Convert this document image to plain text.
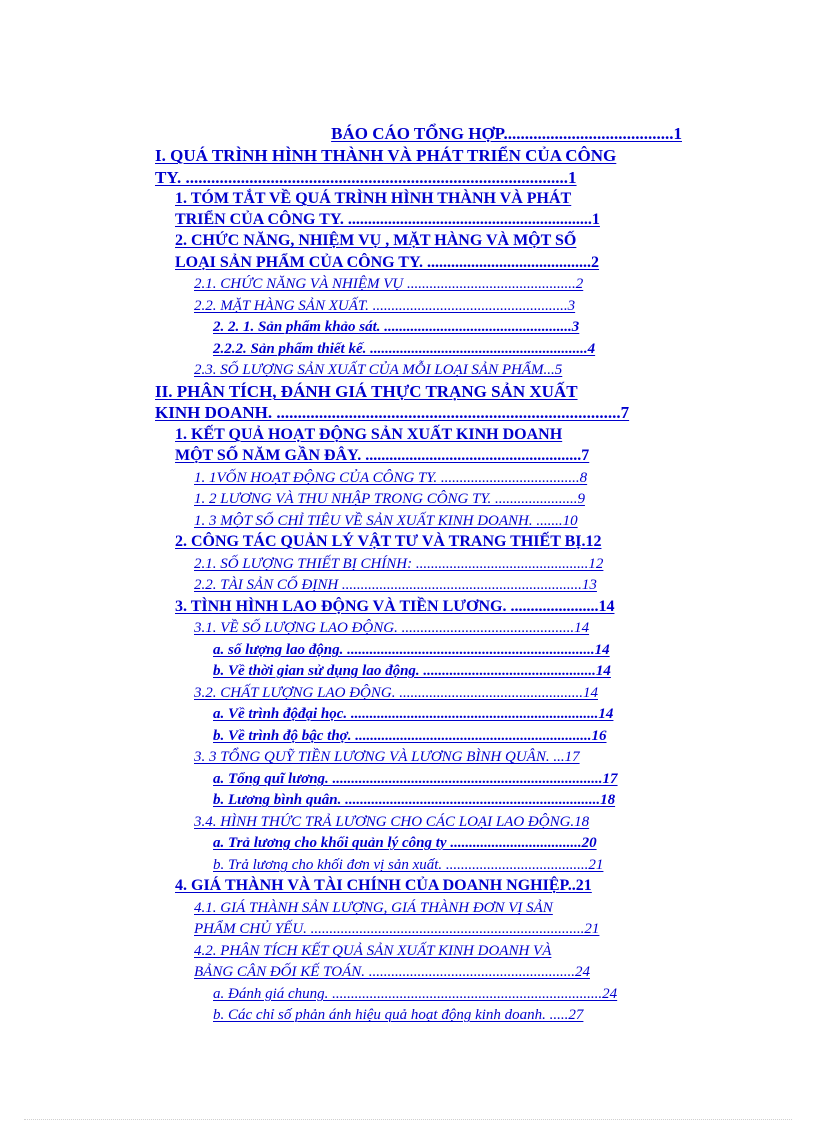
BÁO CÁO TỔNG HỢP........................................1
I. QUÁ TRÌNH HÌNH THÀNH VÀ PHÁT TRIỂN CỦA CÔNG
TY. ..........................................................................................1
1. TÓM TẮT VỀ QUÁ TRÌNH HÌNH THÀNH VÀ PHÁT
TRIỂN CỦA CÔNG TY. .............................................................1
2. CHỨC NĂNG, NHIỆM VỤ , MẶT HÀNG VÀ MỘT SỐ
LOẠI SẢN PHẨM CỦA CÔNG TY. .........................................2
2.1. CHỨC NĂNG VÀ NHIỆM VỤ .............................................2
2.2. MẶT HÀNG SẢN XUẤT. ....................................................3
2. 2. 1. Sản phẩm khảo sát. ..................................................3
2.2.2. Sản phẩm thiết kế. ..........................................................4
2.3. SỐ LƯỢNG SẢN XUẤT CỦA MỖI LOẠI SẢN PHẨM...5
II. PHÂN TÍCH, ĐÁNH GIÁ THỰC TRẠNG SẢN XUẤT
KINH DOANH. .................................................................................7
1. KẾT QUẢ HOẠT ĐỘNG SẢN XUẤT KINH DOANH
MỘT SỐ NĂM GẦN ĐÂY. ......................................................7
1. 1VỐN HOẠT ĐỘNG CỦA CÔNG TY. .....................................8
1. 2 LƯƠNG VÀ THU NHẬP TRONG CÔNG TY. ......................9
1. 3 MỘT SỐ CHỈ TIÊU VỀ SẢN XUẤT KINH DOANH. .......10
2. CÔNG TÁC QUẢN LÝ VẬT TƯ VÀ TRANG THIẾT BỊ.12
2.1. SỐ LƯỢNG THIẾT BỊ CHÍNH: ..............................................12
2.2. TÀI SẢN CỐ ĐỊNH ................................................................13
3. TÌNH HÌNH LAO ĐỘNG VÀ TIỀN LƯƠNG. ......................14
3.1. VỀ SỐ LƯỢNG LAO ĐỘNG. ..............................................14
a. số lượng lao động. ..................................................................14
b. Về thời gian sử dụng lao động. ..............................................14
3.2. CHẤT LƯỢNG LAO ĐỘNG. .................................................14
a. Về trình độđại học. ..................................................................14
b. Về trình độ bậc thợ. ...............................................................16
3. 3 TỔNG QUỸ TIỀN LƯƠNG VÀ LƯƠNG BÌNH QUÂN. ...17
a. Tổng quĩ lương. ........................................................................17
b. Lương bình quân. ....................................................................18
3.4. HÌNH THỨC TRẢ LƯƠNG CHO CÁC LOẠI LAO ĐỘNG.18
a. Trả lương cho khối quản lý công ty ...................................20
b. Trả lương cho khối đơn vị sản xuất. ......................................21
4. GIÁ THÀNH VÀ TÀI CHÍNH CỦA DOANH NGHIỆP..21
4.1. GIÁ THÀNH SẢN LƯỢNG, GIÁ THÀNH ĐƠN VỊ SẢN
PHẨM CHỦ YẾU. .........................................................................21
4.2. PHÂN TÍCH KẾT QUẢ SẢN XUẤT KINH DOANH VÀ
BẢNG CÂN ĐỐI KẾ TOÁN. .......................................................24
a. Đánh giá chung. ........................................................................24
b. Các chỉ số phản ánh hiệu quả hoạt động kinh doanh. .....27
